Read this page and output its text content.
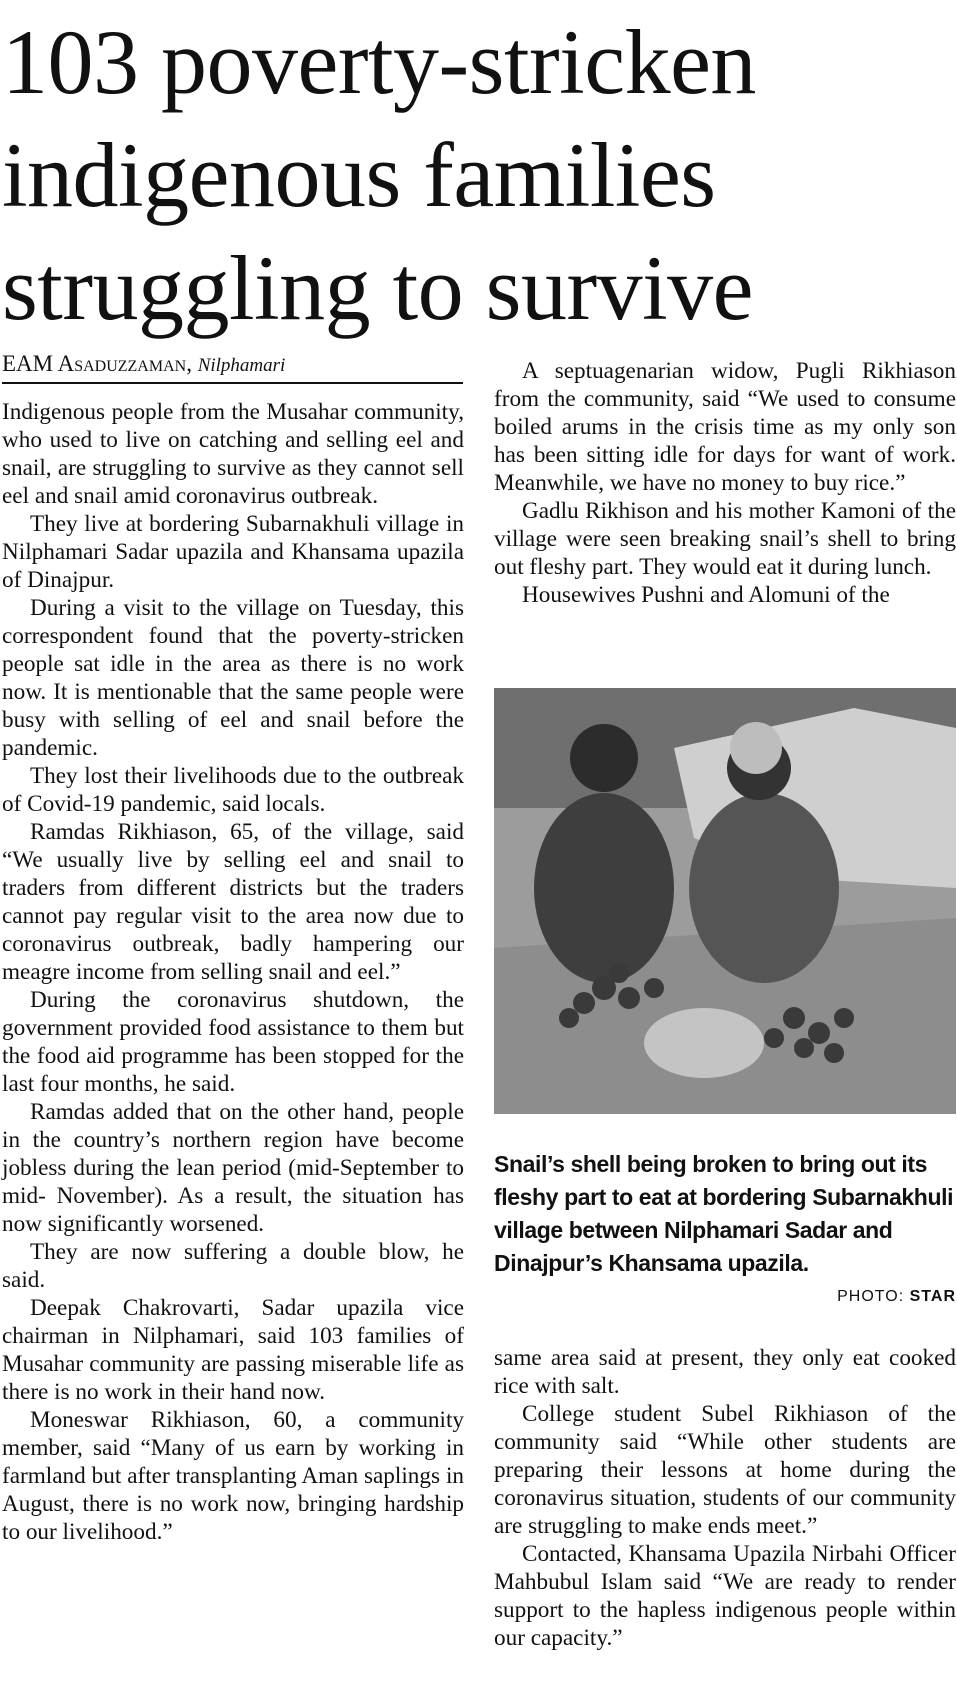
103 poverty-stricken indigenous families struggling to survive
EAM Asaduzzaman, Nilphamari

Indigenous people from the Musahar community, who used to live on catching and selling eel and snail, are struggling to survive as they cannot sell eel and snail amid coronavirus outbreak.

They live at bordering Subarnakhuli village in Nilphamari Sadar upazila and Khansama upazila of Dinajpur.

During a visit to the village on Tuesday, this correspondent found that the poverty-stricken people sat idle in the area as there is no work now. It is mentionable that the same people were busy with selling of eel and snail before the pandemic.

They lost their livelihoods due to the outbreak of Covid-19 pandemic, said locals.

Ramdas Rikhiason, 65, of the village, said “We usually live by selling eel and snail to traders from different districts but the traders cannot pay regular visit to the area now due to coronavirus outbreak, badly hampering our meagre income from selling snail and eel.”

During the coronavirus shutdown, the government provided food assistance to them but the food aid programme has been stopped for the last four months, he said.

Ramdas added that on the other hand, people in the country’s northern region have become jobless during the lean period (mid-September to mid- November). As a result, the situation has now significantly worsened.

They are now suffering a double blow, he said.

Deepak Chakrovarti, Sadar upazila vice chairman in Nilphamari, said 103 families of Musahar community are passing miserable life as there is no work in their hand now.

Moneswar Rikhiason, 60, a community member, said “Many of us earn by working in farmland but after transplanting Aman saplings in August, there is no work now, bringing hardship to our livelihood.”

A septuagenarian widow, Pugli Rikhiason from the community, said “We used to consume boiled arums in the crisis time as my only son has been sitting idle for days for want of work. Meanwhile, we have no money to buy rice.”

Gadlu Rikhison and his mother Kamoni of the village were seen breaking snail’s shell to bring out fleshy part. They would eat it during lunch.

Housewives Pushni and Alomuni of the

Snail’s shell being broken to bring out its fleshy part to eat at bordering Subarnakhuli village between Nilphamari Sadar and Dinajpur’s Khansama upazila.
PHOTO: STAR

same area said at present, they only eat cooked rice with salt.

College student Subel Rikhiason of the community said “While other students are preparing their lessons at home during the coronavirus situation, students of our community are struggling to make ends meet.”

Contacted, Khansama Upazila Nirbahi Officer Mahbubul Islam said “We are ready to render support to the hapless indigenous people within our capacity.”
